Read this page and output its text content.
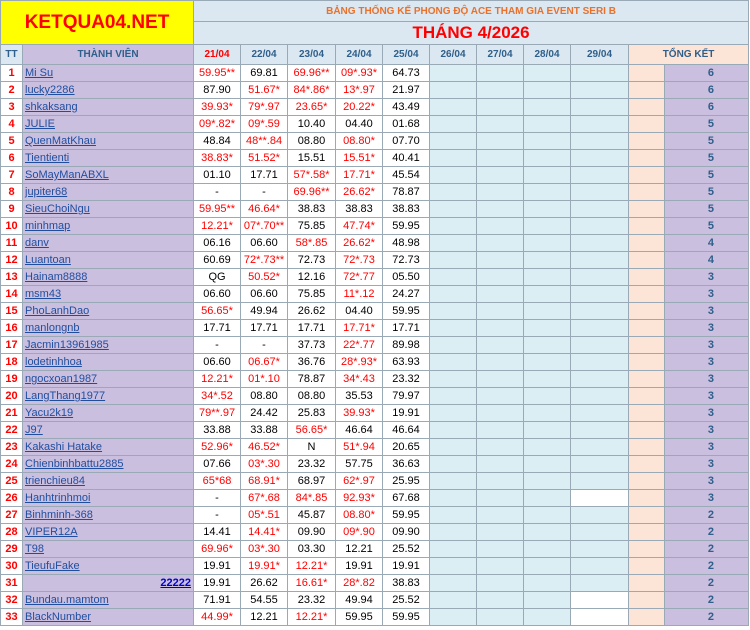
KETQUA04.NET		BẢNG THỐNG KẾ PHONG ĐỘ ACE THAM GIA EVENT SERI B										
		THÁNG 4/2026										
TT	THÀNH VIÊN	21/04	22/04	23/04	24/04	25/04	26/04	27/04	28/04	29/04	TỔNG KẾT	
1	Mi Su	59.95**	69.81	69.96**	09*.93*	64.73						6
2	lucky2286	87.90	51.67*	84*.86*	13*.97	21.97						6
3	shkaksang	39.93*	79*.97	23.65*	20.22*	43.49						6
4	JULIE	09*.82*	09*.59	10.40	04.40	01.68						5
5	QuenMatKhau	48.84	48**.84	08.80	08.80*	07.70						5
6	Tientienti	38.83*	51.52*	15.51	15.51*	40.41						5
7	SoMayManABXL	01.10	17.71	57*.58*	17.71*	45.54						5
8	jupiter68	-	-	69.96**	26.62*	78.87						5
9	SieuChoiNgu	59.95**	46.64*	38.83	38.83	38.83						5
10	minhmap	12.21*	07*.70**	75.85	47.74*	59.95						5
11	danv	06.16	06.60	58*.85	26.62*	48.98						4
12	Luantoan	60.69	72*.73**	72.73	72*.73	72.73						4
13	Hainam8888	QG	50.52*	12.16	72*.77	05.50						3
14	msm43	06.60	06.60	75.85	11*.12	24.27						3
15	PhoLanhDao	56.65*	49.94	26.62	04.40	59.95						3
16	manlongnb	17.71	17.71	17.71	17.71*	17.71						3
17	Jacmin13961985	-	-	37.73	22*.77	89.98						3
18	lodetinhhoa	06.60	06.67*	36.76	28*.93*	63.93						3
19	ngocxoan1987	12.21*	01*.10	78.87	34*.43	23.32						3
20	LangThang1977	34*.52	08.80	08.80	35.53	79.97						3
21	Yacu2k19	79**.97	24.42	25.83	39.93*	19.91						3
22	J97	33.88	33.88	56.65*	46.64	46.64						3
23	Kakashi Hatake	52.96*	46.52*	N	51*.94	20.65						3
24	Chienbinhbattu2885	07.66	03*.30	23.32	57.75	36.63						3
25	trienchieu84	65*68	68.91*	68.97	62*.97	25.95						3
26	Hanhtrinhmoi	-	67*.68	84*.85	92.93*	67.68						3
27	Binhminh-368	-	05*.51	45.87	08.80*	59.95						2
28	VIPER12A	14.41	14.41*	09.90	09*.90	09.90						2
29	T98	69.96*	03*.30	03.30	12.21	25.52						2
30	TieufuFake	19.91	19.91*	12.21*	19.91	19.91						2
31	22222	19.91	26.62	16.61*	28*.82	38.83						2
32	Bundau.mamtom	71.91	54.55	23.32	49.94	25.52						2
33	BlackNumber	44.99*	12.21	12.21*	59.95	59.95						2
